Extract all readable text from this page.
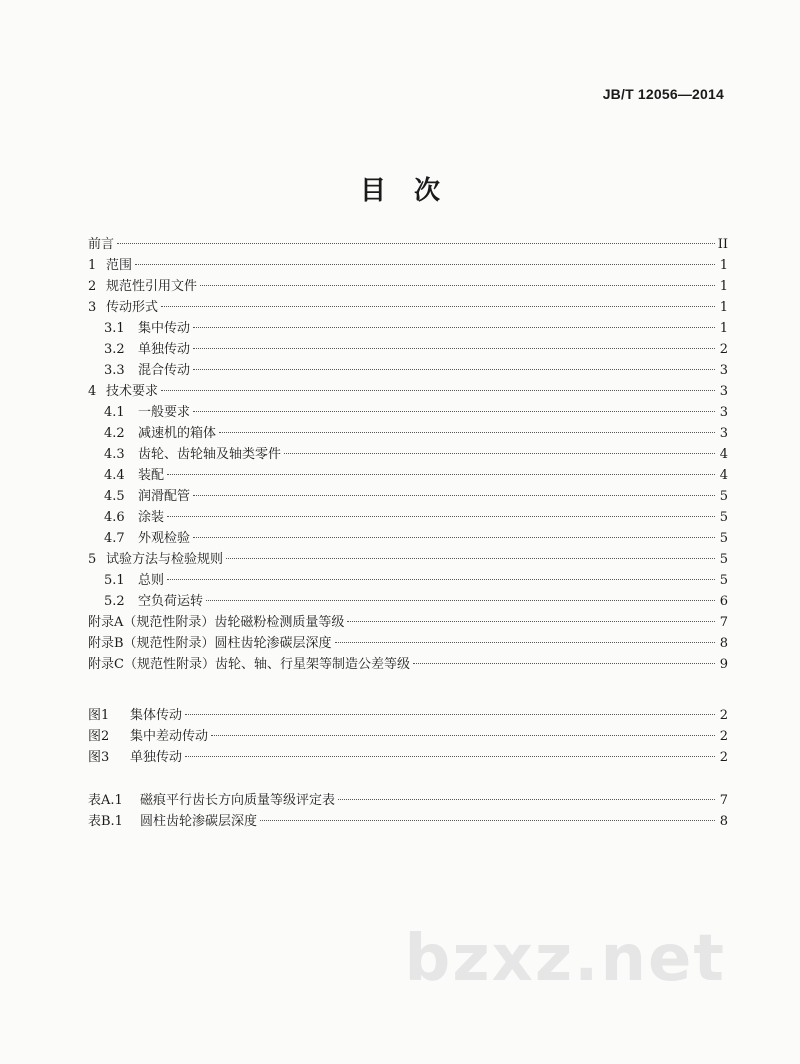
JB/T 12056—2014
目次
前言	II
1 范围	1
2 规范性引用文件	1
3 传动形式	1
3.1	集中传动	1
3.2	单独传动	2
3.3	混合传动	3
4 技术要求	3
4.1	一般要求	3
4.2	减速机的箱体	3
4.3	齿轮、齿轮轴及轴类零件	4
4.4	装配	4
4.5	润滑配管	5
4.6	涂装	5
4.7	外观检验	5
5 试验方法与检验规则	5
5.1	总则	5
5.2	空负荷运转	6
附录A（规范性附录）齿轮磁粉检测质量等级	7
附录B（规范性附录）圆柱齿轮渗碳层深度	8
附录C（规范性附录）齿轮、轴、行星架等制造公差等级	9
图1	集体传动	2
图2	集中差动传动	2
图3	单独传动	2
表A.1	磁痕平行齿长方向质量等级评定表	7
表B.1	圆柱齿轮渗碳层深度	8
bzxz.net
